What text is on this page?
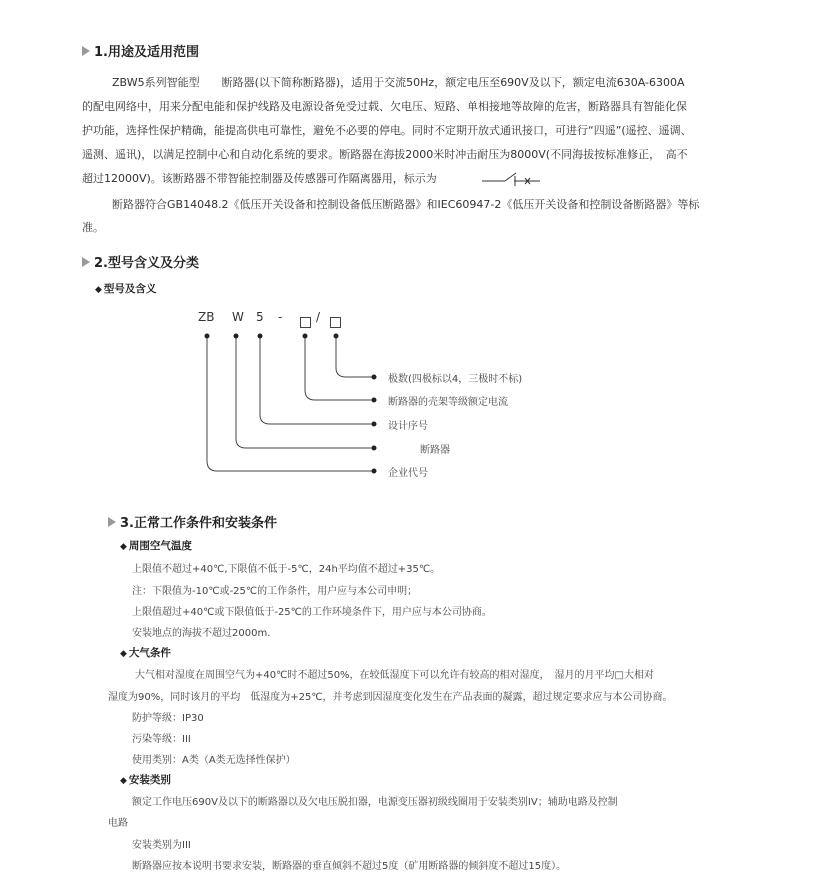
1.用途及适用范围
ZBW5系列智能型　　断路器(以下简称断路器)，适用于交流50Hz，额定电压至690V及以下，额定电流630A-6300A
的配电网络中，用来分配电能和保护线路及电源设备免受过载、欠电压、短路、单相接地等故障的危害，断路器具有智能化保
护功能，选择性保护精确，能提高供电可靠性，避免不必要的停电。同时不定期开放式通讯接口，可进行“四遥”(遥控、遥调、
遥测、遥讯)，以满足控制中心和自动化系统的要求。断路器在海拔2000米时冲击耐压为8000V(不同海拔按标准修正，　高不
超过12000V)。该断路器不带智能控制器及传感器可作隔离器用，标示为
断路器符合GB14048.2《低压开关设备和控制设备低压断路器》和IEC60947-2《低压开关设备和控制设备断路器》等标
准。
2.型号含义及分类
◆ 型号及含义
ZB W 5 -	/
极数(四极标以4，三极时不标)
断路器的壳架等级额定电流
设计序号
断路器
企业代号
3.正常工作条件和安装条件
◆ 周围空气温度
上限值不超过+40℃,下限值不低于-5℃，24h平均值不超过+35℃。
注：下限值为-10℃或-25℃的工作条件，用户应与本公司申明；
上限值超过+40℃或下限值低于-25℃的工作环境条件下，用户应与本公司协商。
安装地点的海拔不超过2000m.
◆ 大气条件
大气相对湿度在周围空气为+40℃时不超过50%，在较低湿度下可以允许有较高的相对湿度，　湿月的月平均□大相对
湿度为90%，同时该月的平均　低湿度为+25℃，并考虑到因湿度变化发生在产品表面的凝露，超过规定要求应与本公司协商。
防护等级：IP30
污染等级：III
使用类别：A类（A类无选择性保护）
◆ 安装类别
额定工作电压690V及以下的断路器以及欠电压脱扣器，电源变压器初级线圈用于安装类别IV；辅助电路及控制
电路
安装类别为III
断路器应按本说明书要求安装，断路器的垂直倾斜不超过5度（矿用断路器的倾斜度不超过15度）。
